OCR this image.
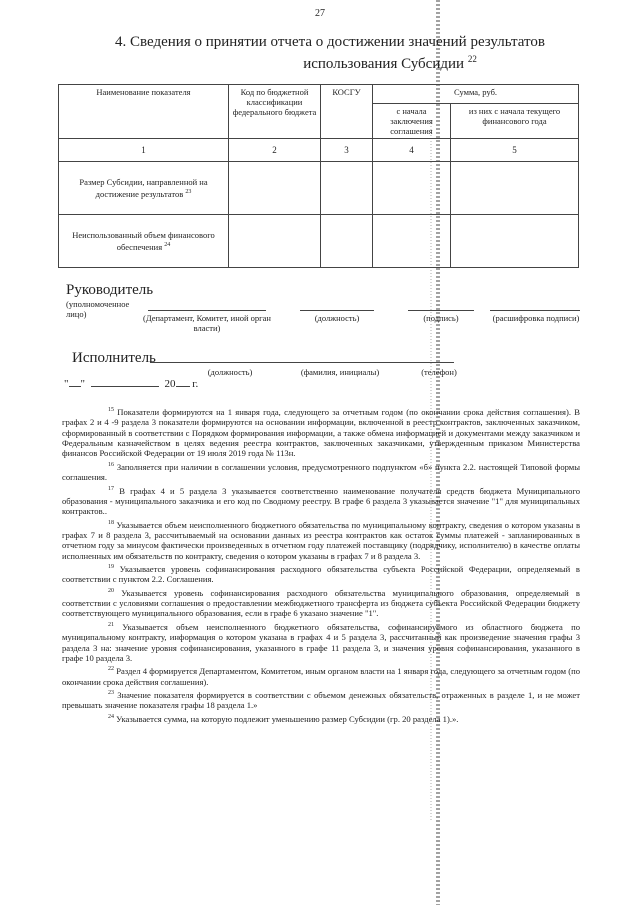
27
4. Сведения о принятии отчета о достижении значений результатов
использования Субсидии $^{22}$
Наименование показателя	Код по бюджетной классификации федерального бюджета	КОСГУ	Сумма, руб.	
			с начала заключения соглашения	из них с начала текущего финансового года
1	2	3	4	5
Размер Субсидии, направленной на достижение результатов $^{23}$				
Неиспользованный объем финансового обеспечения $^{24}$				
Руководитель
(уполномоченное лицо)	(Департамент, Комитет, иной орган власти)
(должность)	(подпись)	(расшифровка подписи)
Исполнитель
(должность)	(фамилия, инициалы)	(телефон)
" "	20 г.

$^{15}$ Показатели формируются на 1 января года, следующего за отчетным годом (по окончании срока действия соглашения). В графах 2 и 4 -9 раздела 3 показатели формируются на основании информации, включенной в реестр контрактов, заключенных заказчиком, сформированный в соответствии с Порядком формирования информации, а также обмена информацией и документами между заказчиком и Федеральным казначейством в целях ведения реестра контрактов, заключенных заказчиками, утвержденным приказом Министерства финансов Российской Федерации от 19 июля 2019 года № 113н.

$^{16}$ Заполняется при наличии в соглашении условия, предусмотренного подпунктом «б» пункта 2.2. настоящей Типовой формы соглашения.

$^{17}$ В графах 4 и 5 раздела 3 указывается соответственно наименование получателя средств бюджета Муниципального образования - муниципального заказчика и его код по Сводному реестру. В графе 6 раздела 3 указывается значение "1" для муниципальных контрактов..

$^{18}$ Указывается объем неисполненного бюджетного обязательства по муниципальному контракту, сведения о котором указаны в графах 7 и 8 раздела 3, рассчитываемый на основании данных из реестра контрактов как остаток суммы платежей - запланированных в отчетном году за минусом фактически произведенных в отчетном году платежей поставщику (подрядчику, исполнителю) в качестве оплаты исполненных им обязательств по контракту, сведения о котором указаны в графах 7 и 8 раздела 3.

$^{19}$ Указывается уровень софинансирования расходного обязательства субъекта Российской Федерации, определяемый в соответствии с пунктом 2.2. Соглашения.

$^{20}$ Указывается уровень софинансирования расходного обязательства муниципального образования, определяемый в соответствии с условиями соглашения о предоставлении межбюджетного трансферта из бюджета субъекта Российской Федерации бюджету соответствующего муниципального образования, если в графе 6 указано значение "1".

$^{21}$ Указывается объем неисполненного бюджетного обязательства, софинансируемого из областного бюджета по муниципальному контракту, информация о котором указана в графах 4 и 5 раздела 3, рассчитанный как произведение значения графы 3 раздела 3 на: значение уровня софинансирования, указанного в графе 11 раздела 3, и значения уровня софинансирования, указанного в графе 10 раздела 3.

$^{22}$ Раздел 4 формируется Департаментом, Комитетом, иным органом власти на 1 января года, следующего за отчетным годом (по окончании срока действия соглашения).

$^{23}$ Значение показателя формируется в соответствии с объемом денежных обязательств, отраженных в разделе 1, и не может превышать значение показателя графы 18 раздела 1.»

$^{24}$ Указывается сумма, на которую подлежит уменьшению размер Субсидии (гр. 20 раздела 1).».
